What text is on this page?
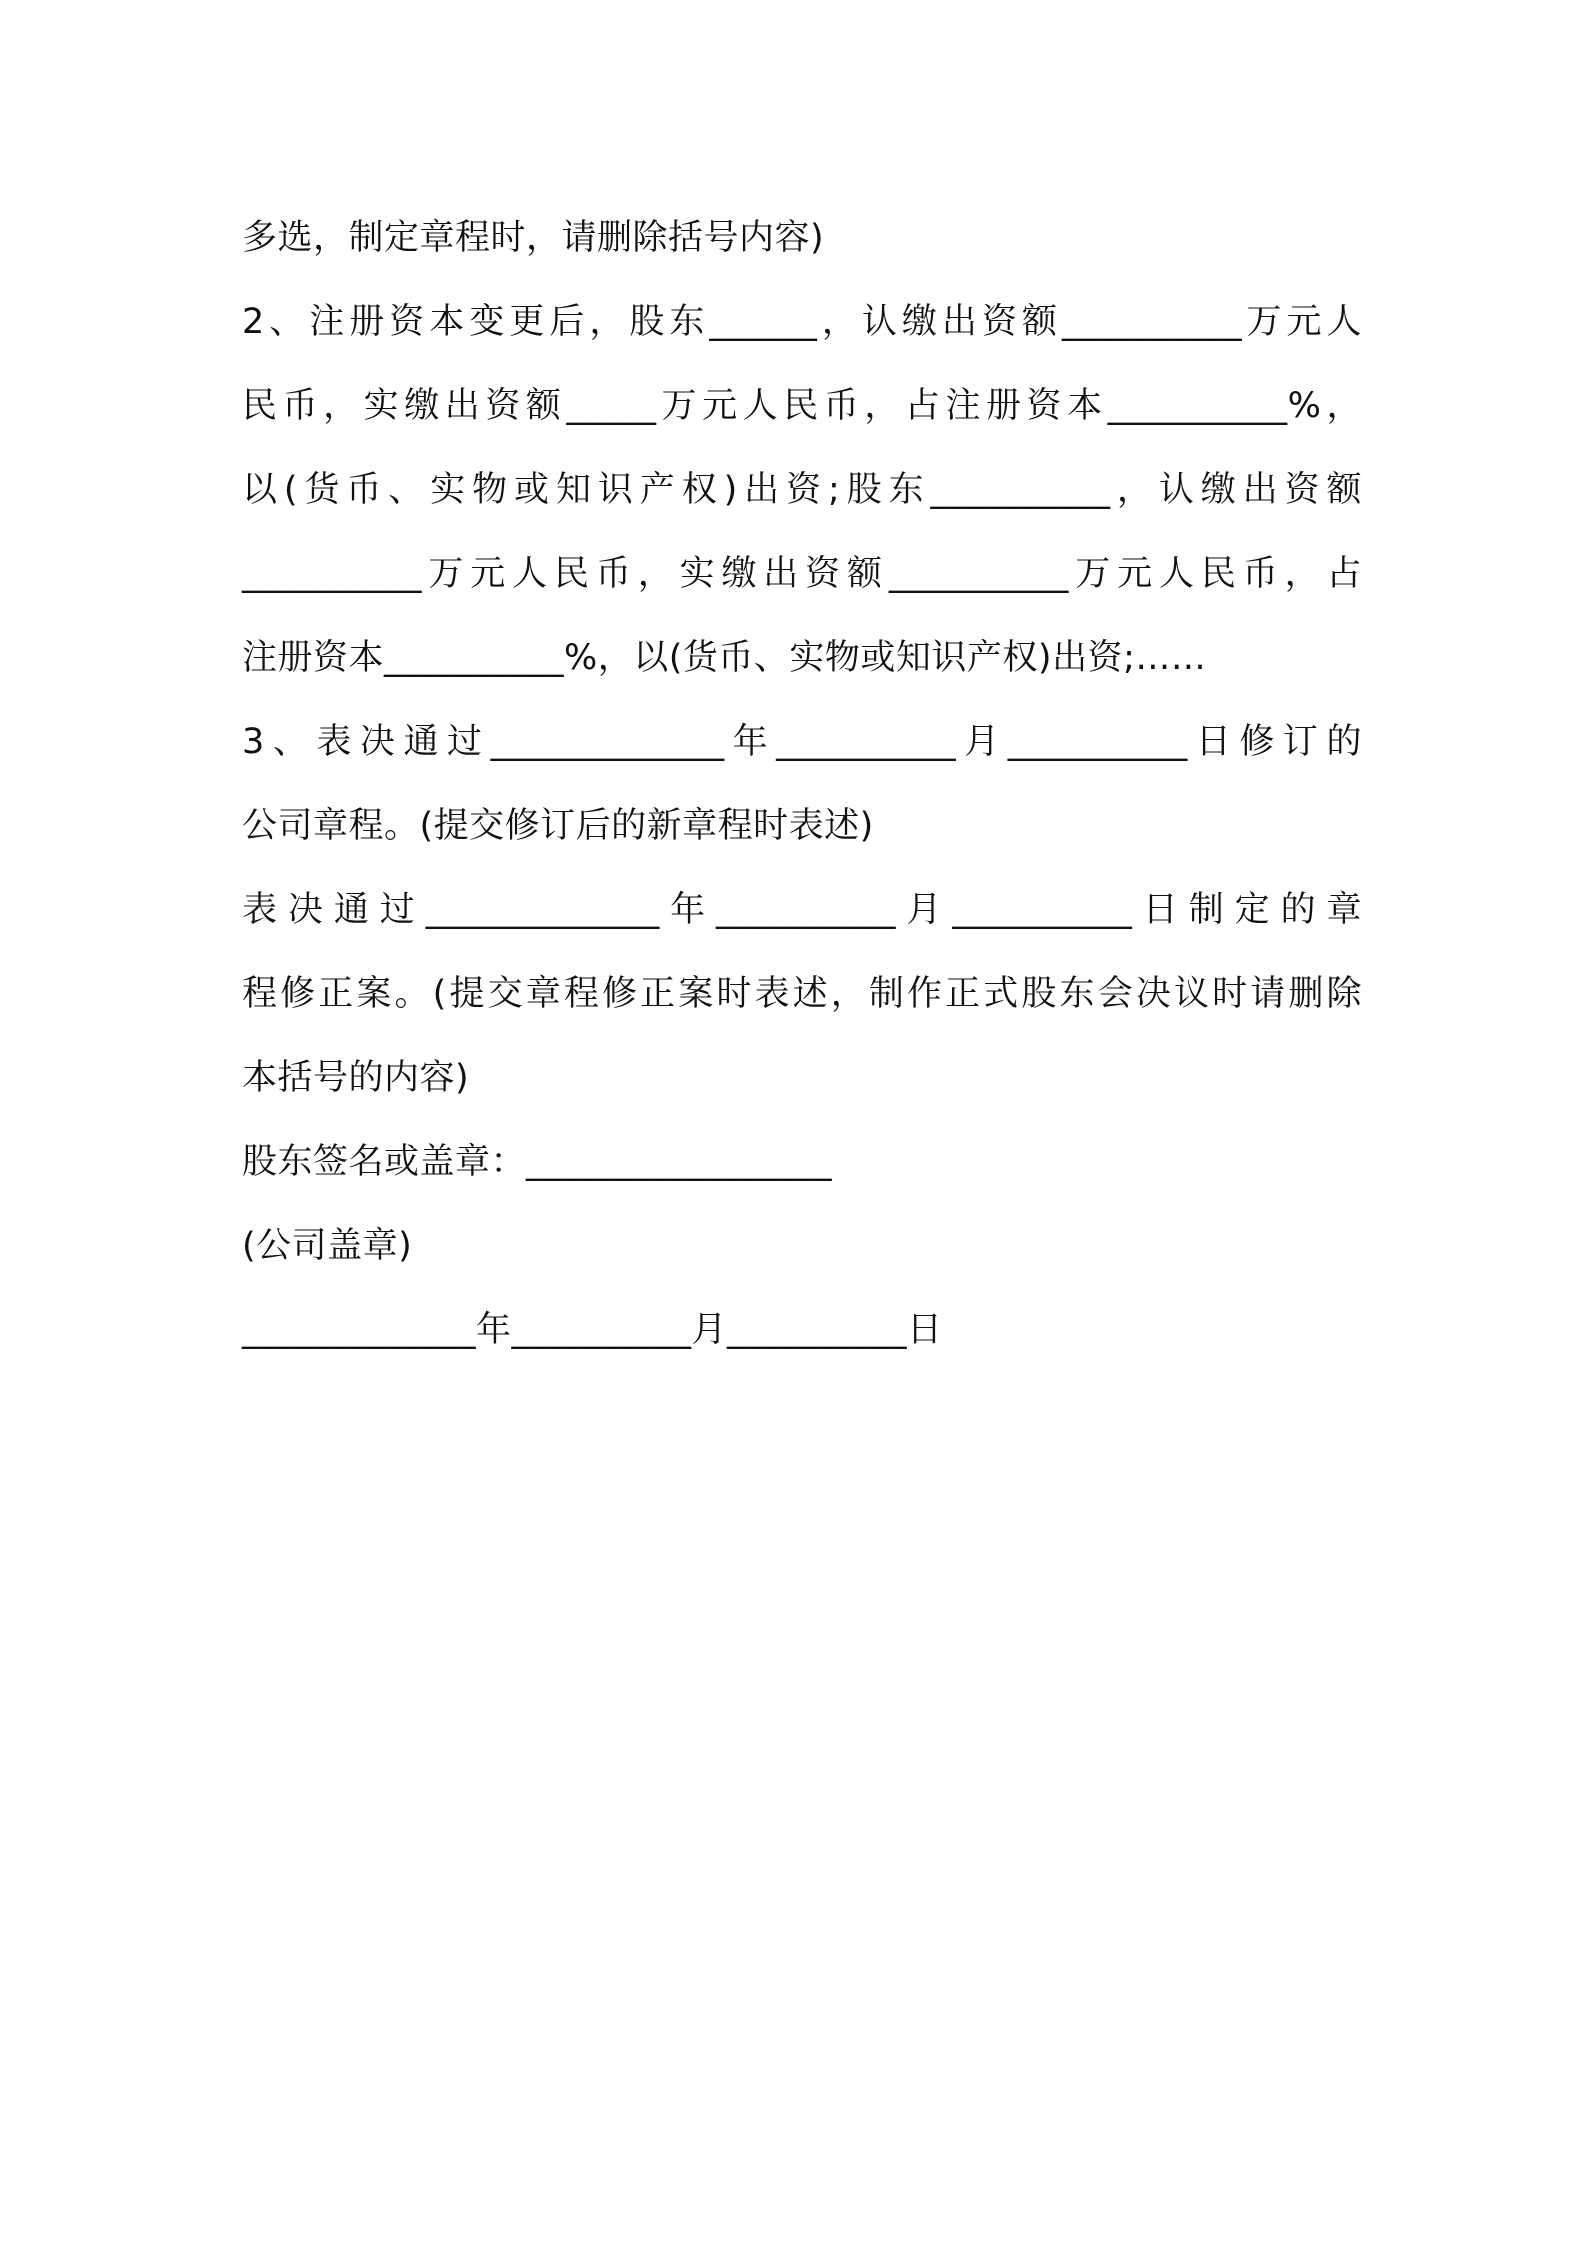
多选，制定章程时，请删除括号内容)
2、注册资本变更后，股东______，认缴出资额__________万元人
民币，实缴出资额_____万元人民币，占注册资本__________%，
以(货币、实物或知识产权)出资;股东__________，认缴出资额
__________万元人民币，实缴出资额__________万元人民币，占
注册资本__________%，以(货币、实物或知识产权)出资;……
3、表决通过_____________年__________月__________日修订的
公司章程。(提交修订后的新章程时表述)
表决通过_____________年__________月__________日制定的章
程修正案。(提交章程修正案时表述，制作正式股东会决议时请删除
本括号的内容)
股东签名或盖章：_________________
(公司盖章)
_____________年__________月__________日
